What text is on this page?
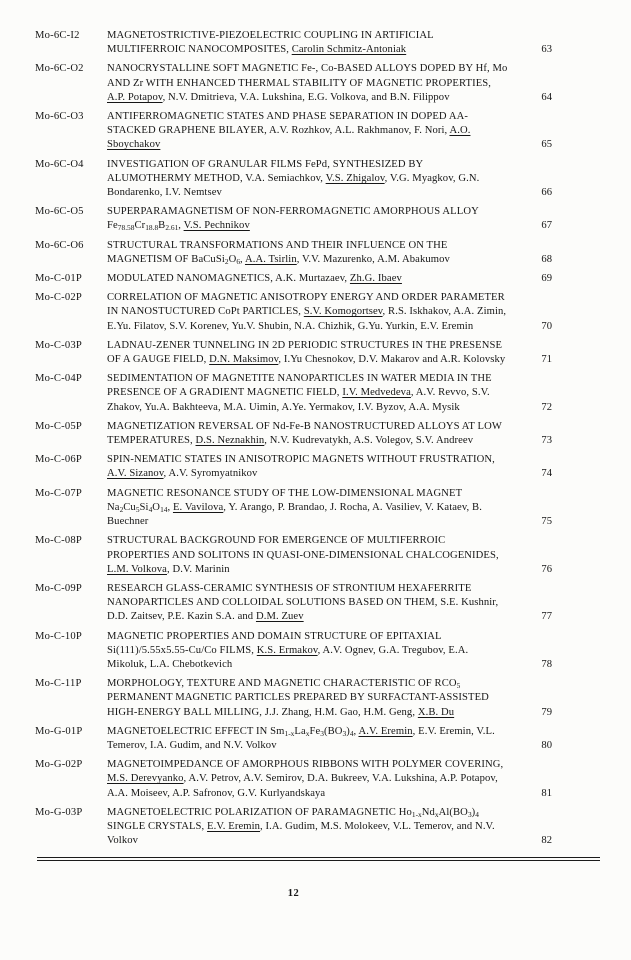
Mo-6C-I2	MAGNETOSTRICTIVE-PIEZOELECTRIC COUPLING IN ARTIFICIAL MULTIFERROIC NANOCOMPOSITES, Carolin Schmitz-Antoniak	63
Mo-6C-O2	NANOCRYSTALLINE SOFT MAGNETIC Fe-, Co-BASED ALLOYS DOPED BY Hf, Mo AND Zr WITH ENHANCED THERMAL STABILITY OF MAGNETIC PROPERTIES, A.P. Potapov, N.V. Dmitrieva, V.A. Lukshina, E.G. Volkova, and B.N. Filippov	64
Mo-6C-O3	ANTIFERROMAGNETIC STATES AND PHASE SEPARATION IN DOPED AA-STACKED GRAPHENE BILAYER, A.V. Rozhkov, A.L. Rakhmanov, F. Nori, A.O. Sboychakov	65
Mo-6C-O4	INVESTIGATION OF GRANULAR FILMS FePd, SYNTHESIZED BY ALUMOTHERMY METHOD, V.A. Semiachkov, V.S. Zhigalov, V.G. Myagkov, G.N. Bondarenko, I.V. Nemtsev	66
Mo-6C-O5	SUPERPARAMAGNETISM OF NON-FERROMAGNETIC AMORPHOUS ALLOY $Fe_{78.58}Cr_{18.8}B_{2.61}$, V.S. Pechnikov	67
Mo-6C-O6	STRUCTURAL TRANSFORMATIONS AND THEIR INFLUENCE ON THE MAGNETISM OF $BaCuSi_2O_6$, A.A. Tsirlin, V.V. Mazurenko, A.M. Abakumov	68
Mo-C-01P	MODULATED NANOMAGNETICS, A.K. Murtazaev, Zh.G. Ibaev	69
Mo-C-02P	CORRELATION OF MAGNETIC ANISOTROPY ENERGY AND ORDER PARAMETER IN NANOSTUCTURED CoPt PARTICLES, S.V. Komogortsev, R.S. Iskhakov, A.A. Zimin, E.Yu. Filatov, S.V. Korenev, Yu.V. Shubin, N.A. Chizhik, G.Yu. Yurkin, E.V. Eremin	70
Mo-C-03P	LADNAU-ZENER TUNNELING IN 2D PERIODIC STRUCTURES IN THE PRESENSE OF A GAUGE FIELD, D.N. Maksimov, I.Yu Chesnokov, D.V. Makarov and A.R. Kolovsky	71
Mo-C-04P	SEDIMENTATION OF MAGNETITE NANOPARTICLES IN WATER MEDIA IN THE PRESENCE OF A GRADIENT MAGNETIC FIELD, I.V. Medvedeva, A.V. Revvo, S.V. Zhakov, Yu.A. Bakhteeva, M.A. Uimin, A.Ye. Yermakov, I.V. Byzov, A.A. Mysik	72
Mo-C-05P	MAGNETIZATION REVERSAL OF Nd-Fe-B NANOSTRUCTURED ALLOYS AT LOW TEMPERATURES, D.S. Neznakhin, N.V. Kudrevatykh, A.S. Volegov, S.V. Andreev	73
Mo-C-06P	SPIN-NEMATIC STATES IN ANISOTROPIC MAGNETS WITHOUT FRUSTRATION, A.V. Sizanov, A.V. Syromyatnikov	74
Mo-C-07P	MAGNETIC RESONANCE STUDY OF THE LOW-DIMENSIONAL MAGNET $Na_2Cu_5Si_4O_{14}$, E. Vavilova, Y. Arango, P. Brandao, J. Rocha, A. Vasiliev, V. Kataev, B. Buechner	75
Mo-C-08P	STRUCTURAL BACKGROUND FOR EMERGENCE OF MULTIFERROIC PROPERTIES AND SOLITONS IN QUASI-ONE-DIMENSIONAL CHALCOGENIDES, L.M. Volkova, D.V. Marinin	76
Mo-C-09P	RESEARCH GLASS-CERAMIC SYNTHESIS OF STRONTIUM HEXAFERRITE NANOPARTICLES AND COLLOIDAL SOLUTIONS BASED ON THEM, S.E. Kushnir, D.D. Zaitsev, P.E. Kazin S.A. and D.M. Zuev	77
Mo-C-10P	MAGNETIC PROPERTIES AND DOMAIN STRUCTURE OF EPITAXIAL Si(111)/5.55x5.55-Cu/Co FILMS, K.S. Ermakov, A.V. Ognev, G.A. Tregubov, E.A. Mikoluk, L.A. Chebotkevich	78
Mo-C-11P	MORPHOLOGY, TEXTURE AND MAGNETIC CHARACTERISTIC OF $RCO_5$ PERMANENT MAGNETIC PARTICLES PREPARED BY SURFACTANT-ASSISTED HIGH-ENERGY BALL MILLING, J.J. Zhang, H.M. Gao, H.M. Geng, X.B. Du	79
Mo-G-01P	MAGNETOELECTRIC EFFECT IN $Sm_{1-x}La_xFe_3(BO_3)_4$, A.V. Eremin, E.V. Eremin, V.L. Temerov, I.A. Gudim, and N.V. Volkov	80
Mo-G-02P	MAGNETOIMPEDANCE OF AMORPHOUS RIBBONS WITH POLYMER COVERING, M.S. Derevyanko, A.V. Petrov, A.V. Semirov, D.A. Bukreev, V.A. Lukshina, A.P. Potapov, A.A. Moiseev, A.P. Safronov, G.V. Kurlyandskaya	81
Mo-G-03P	MAGNETOELECTRIC POLARIZATION OF PARAMAGNETIC $Ho_{1-x}Nd_xAl(BO_3)_4$ SINGLE CRYSTALS, E.V. Eremin, I.A. Gudim, M.S. Molokeev, V.L. Temerov, and N.V. Volkov	82
12
